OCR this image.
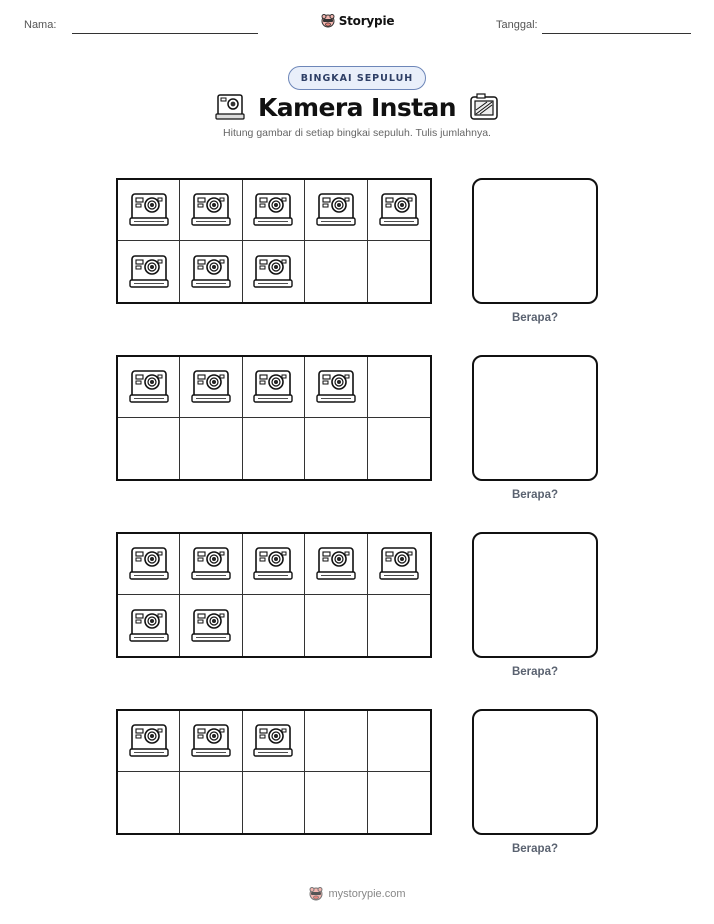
Nama:	Storypie	Tanggal:
BINGKAI SEPULUH
Kamera Instan

Hitung gambar di setiap bingkai sepuluh. Tulis jumlahnya.

Berapa?
Berapa?
Berapa?
Berapa?
mystorypie.com
